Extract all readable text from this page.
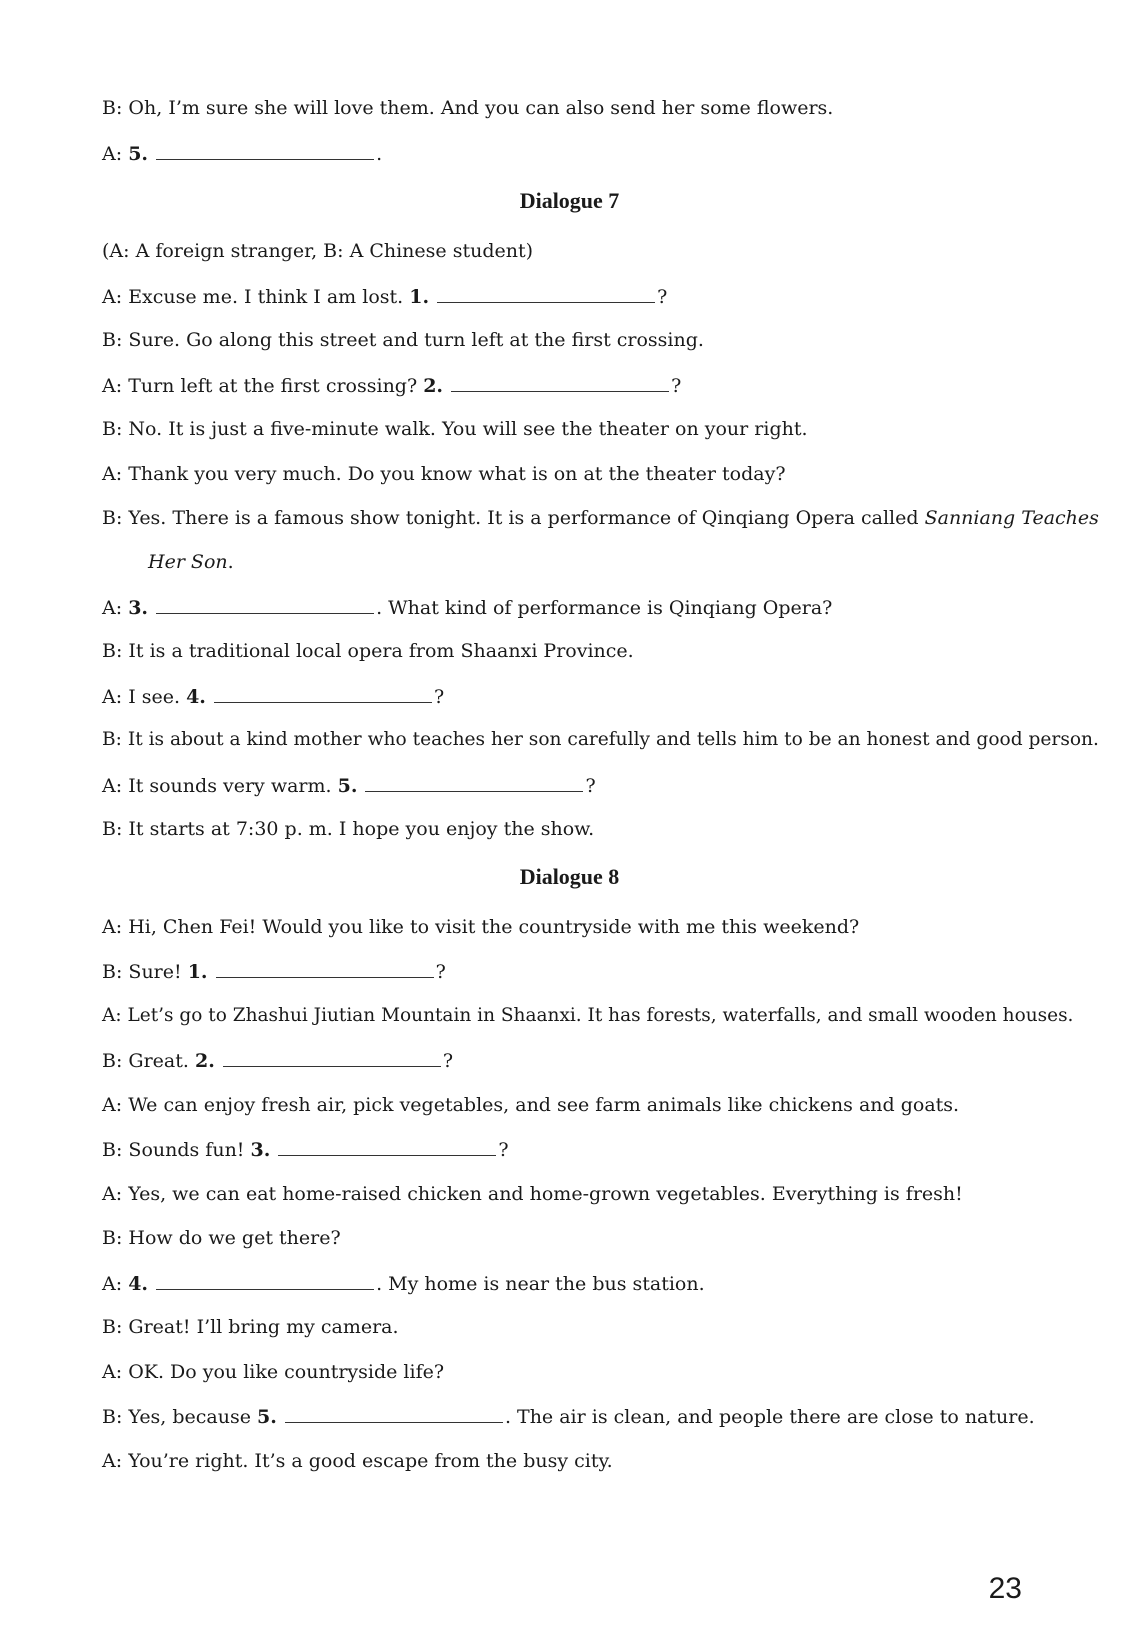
B: Oh, I’m sure she will love them. And you can also send her some flowers.
A: 5.	.
Dialogue 7
(A: A foreign stranger, B: A Chinese student)
A: Excuse me. I think I am lost. 1.	?
B: Sure. Go along this street and turn left at the first crossing.
A: Turn left at the first crossing? 2.	?
B: No. It is just a five-minute walk. You will see the theater on your right.
A: Thank you very much. Do you know what is on at the theater today?
B: Yes. There is a famous show tonight. It is a performance of Qinqiang Opera called Sanniang Teaches
Her Son.
A: 3.	. What kind of performance is Qinqiang Opera?
B: It is a traditional local opera from Shaanxi Province.
A: I see. 4.	?
B: It is about a kind mother who teaches her son carefully and tells him to be an honest and good person.
A: It sounds very warm. 5.	?
B: It starts at 7:30 p. m. I hope you enjoy the show.
Dialogue 8
A: Hi, Chen Fei! Would you like to visit the countryside with me this weekend?
B: Sure! 1.	?
A: Let’s go to Zhashui Jiutian Mountain in Shaanxi. It has forests, waterfalls, and small wooden houses.
B: Great. 2.	?
A: We can enjoy fresh air, pick vegetables, and see farm animals like chickens and goats.
B: Sounds fun! 3.	?
A: Yes, we can eat home-raised chicken and home-grown vegetables. Everything is fresh!
B: How do we get there?
A: 4.	. My home is near the bus station.
B: Great! I’ll bring my camera.
A: OK. Do you like countryside life?
B: Yes, because 5.	. The air is clean, and people there are close to nature.
A: You’re right. It’s a good escape from the busy city.
23
